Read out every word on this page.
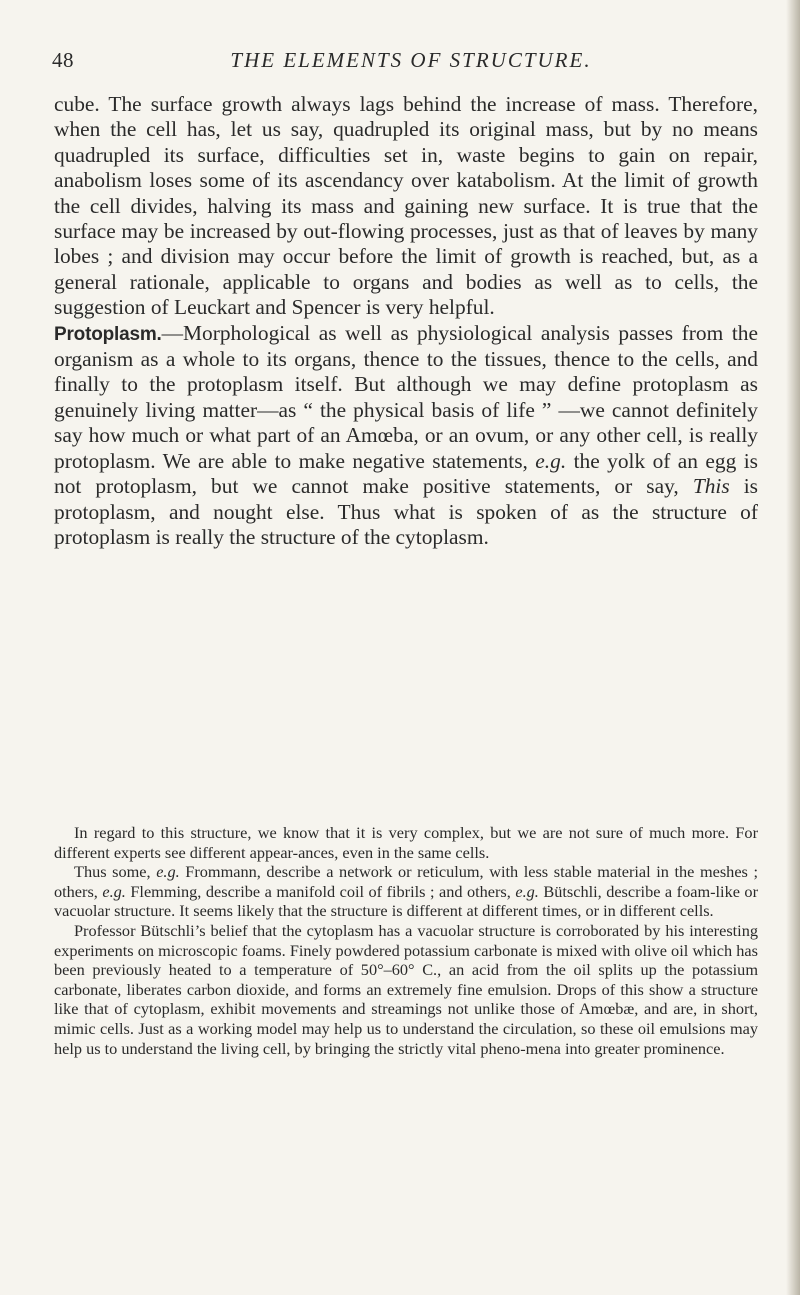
48	THE ELEMENTS OF STRUCTURE.

cube. The surface growth always lags behind the increase of mass. Therefore, when the cell has, let us say, quadrupled its original mass, but by no means quadrupled its surface, difficulties set in, waste begins to gain on repair, anabolism loses some of its ascendancy over katabolism. At the limit of growth the cell divides, halving its mass and gaining new surface. It is true that the surface may be increased by out-flowing processes, just as that of leaves by many lobes ; and division may occur before the limit of growth is reached, but, as a general rationale, applicable to organs and bodies as well as to cells, the suggestion of Leuckart and Spencer is very helpful.

Protoplasm.—Morphological as well as physiological analysis passes from the organism as a whole to its organs, thence to the tissues, thence to the cells, and finally to the protoplasm itself. But although we may define protoplasm as genuinely living matter—as “ the physical basis of life ” —we cannot definitely say how much or what part of an Amœba, or an ovum, or any other cell, is really protoplasm. We are able to make negative statements, e.g. the yolk of an egg is not protoplasm, but we cannot make positive statements, or say, This is protoplasm, and nought else. Thus what is spoken of as the structure of protoplasm is really the structure of the cytoplasm.

In regard to this structure, we know that it is very complex, but we are not sure of much more. For different experts see different appear-ances, even in the same cells.

Thus some, e.g. Frommann, describe a network or reticulum, with less stable material in the meshes ; others, e.g. Flemming, describe a manifold coil of fibrils ; and others, e.g. Bütschli, describe a foam-like or vacuolar structure. It seems likely that the structure is different at different times, or in different cells.

Professor Bütschli’s belief that the cytoplasm has a vacuolar structure is corroborated by his interesting experiments on microscopic foams. Finely powdered potassium carbonate is mixed with olive oil which has been previously heated to a temperature of 50°–60° C., an acid from the oil splits up the potassium carbonate, liberates carbon dioxide, and forms an extremely fine emulsion. Drops of this show a structure like that of cytoplasm, exhibit movements and streamings not unlike those of Amœbæ, and are, in short, mimic cells. Just as a working model may help us to understand the circulation, so these oil emulsions may help us to understand the living cell, by bringing the strictly vital pheno-mena into greater prominence.
